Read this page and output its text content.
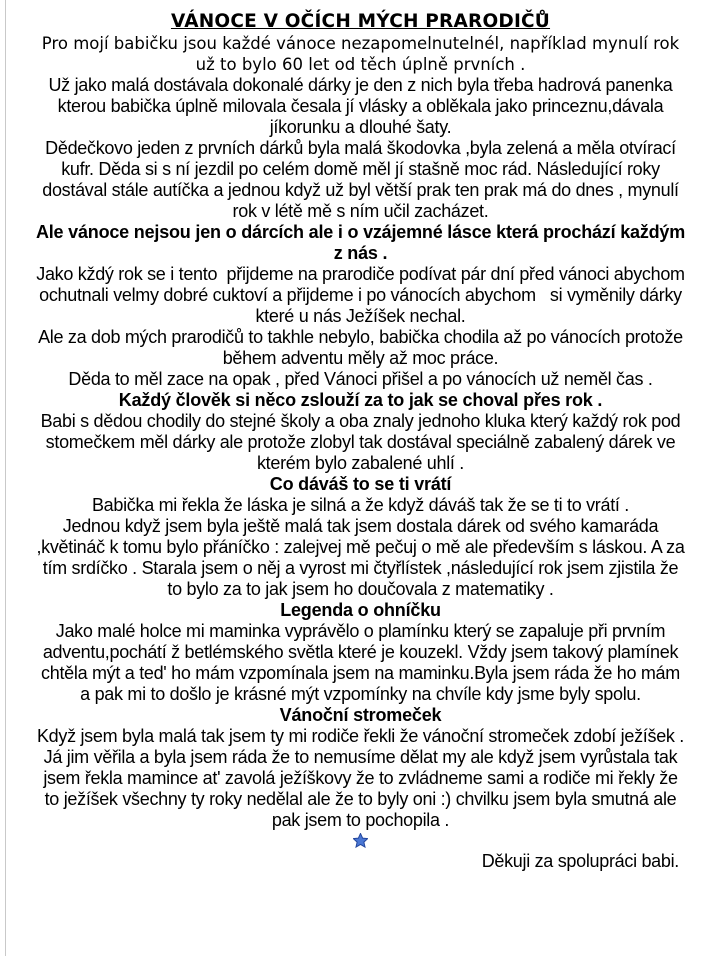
VÁNOCE V OČÍCH MÝCH PRARODIČŮ

Pro mojí babičku jsou každé vánoce nezapomelnutelnél, například mynulí rok už to bylo 60 let od těch úplně prvních .

Už jako malá dostávala dokonalé dárky je den z nich byla třeba hadrová panenka kterou babička úplně milovala česala jí vlásky a oblěkala jako princeznu,dávala jíkorunku a dlouhé šaty.

Dědečkovo jeden z prvních dárků byla malá škodovka ,byla zelená a měla otvírací kufr. Děda si s ní jezdil po celém domě měl jí stašně moc rád. Následující roky dostával stále autíčka a jednou když už byl větší prak ten prak má do dnes , mynulí rok v létě mě s ním učil zacházet.

Ale vánoce nejsou jen o dárcích ale i o vzájemné lásce která prochází každým z nás .

Jako kždý rok se i tento  přijdeme na prarodiče podívat pár dní před vánoci abychom ochutnali velmy dobré cuktoví a přijdeme i po vánocích abychom   si vyměnily dárky které u nás Ježíšek nechal.

Ale za dob mých prarodičů to takhle nebylo, babička chodila až po vánocích protože během adventu měly až moc práce.

Děda to měl zace na opak , před Vánoci přišel a po vánocích už neměl čas .

Každý člověk si něco zslouží za to jak se choval přes rok .

Babi s dědou chodily do stejné školy a oba znaly jednoho kluka který každý rok pod stomečkem měl dárky ale protože zlobyl tak dostával speciálně zabalený dárek ve kterém bylo zabalené uhlí .

Co dáváš to se ti vrátí

Babička mi řekla že láska je silná a že když dáváš tak že se ti to vrátí .

Jednou když jsem byla ještě malá tak jsem dostala dárek od svého kamaráda ,květináč k tomu bylo přáníčko : zalejvej mě pečuj o mě ale především s láskou. A za tím srdíčko . Starala jsem o něj a vyrost mi čtyřlístek ,následující rok jsem zjistila že to bylo za to jak jsem ho doučovala z matematiky .

Legenda o ohníčku

Jako malé holce mi maminka vyprávělo o plamínku který se zapaluje při prvním adventu,pochátí ž betlémského světla které je kouzekl. Vždy jsem takový plamínek chtěla mýt a ted' ho mám vzpomínala jsem na maminku.Byla jsem ráda že ho mám a pak mi to došlo je krásné mýt vzpomínky na chvíle kdy jsme byly spolu.

Vánoční stromeček

Když jsem byla malá tak jsem ty mi rodiče řekli že vánoční stromeček zdobí ježíšek . Já jim věřila a byla jsem ráda že to nemusíme dělat my ale když jsem vyrůstala tak jsem řekla mamince at' zavolá ježíškovy že to zvládneme sami a rodiče mi řekly že to ježíšek všechny ty roky nedělal ale že to byly oni :) chvilku jsem byla smutná ale pak jsem to pochopila .

Děkuji za spolupráci babi.
